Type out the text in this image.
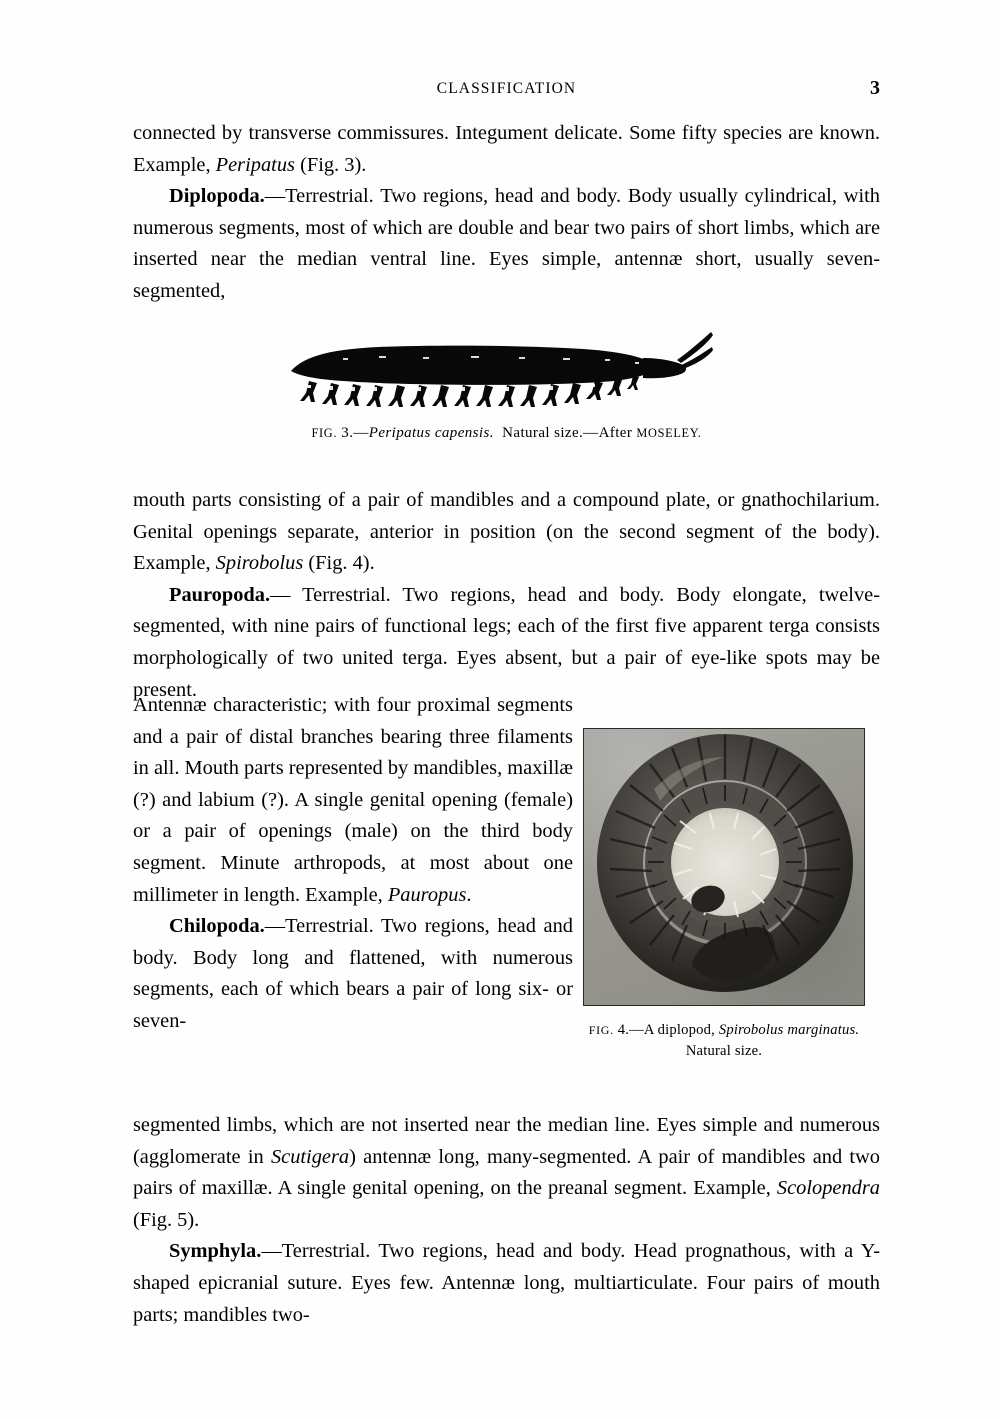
CLASSIFICATION	3

connected by transverse commissures. Integument delicate. Some fifty species are known. Example, Peripatus (Fig. 3).

Diplopoda.—Terrestrial. Two regions, head and body. Body usually cylindrical, with numerous segments, most of which are double and bear two pairs of short limbs, which are inserted near the median ventral line. Eyes simple, antennæ short, usually seven-segmented,

FIG. 3.—Peripatus capensis. Natural size.—After MOSELEY.

mouth parts consisting of a pair of mandibles and a compound plate, or gnathochilarium. Genital openings separate, anterior in position (on the second segment of the body). Example, Spirobolus (Fig. 4).

Pauropoda.— Terrestrial. Two regions, head and body. Body elongate, twelve-segmented, with nine pairs of functional legs; each of the first five apparent terga consists morphologically of two united terga. Eyes absent, but a pair of eye-like spots may be present.

FIG. 4.—A diplopod, Spirobolus marginatus. Natural size.

Antennæ characteristic; with four proximal segments and a pair of distal branches bearing three filaments in all. Mouth parts represented by mandibles, maxillæ (?) and labium (?). A single genital opening (female) or a pair of openings (male) on the third body segment. Minute arthropods, at most about one millimeter in length. Example, Pauropus.

Chilopoda.—Terrestrial. Two regions, head and body. Body long and flattened, with numerous segments, each of which bears a pair of long six- or seven-

segmented limbs, which are not inserted near the median line. Eyes simple and numerous (agglomerate in Scutigera) antennæ long, many-segmented. A pair of mandibles and two pairs of maxillæ. A single genital opening, on the preanal segment. Example, Scolopendra (Fig. 5).

Symphyla.—Terrestrial. Two regions, head and body. Head prognathous, with a Y-shaped epicranial suture. Eyes few. Antennæ long, multiarticulate. Four pairs of mouth parts; mandibles two-
